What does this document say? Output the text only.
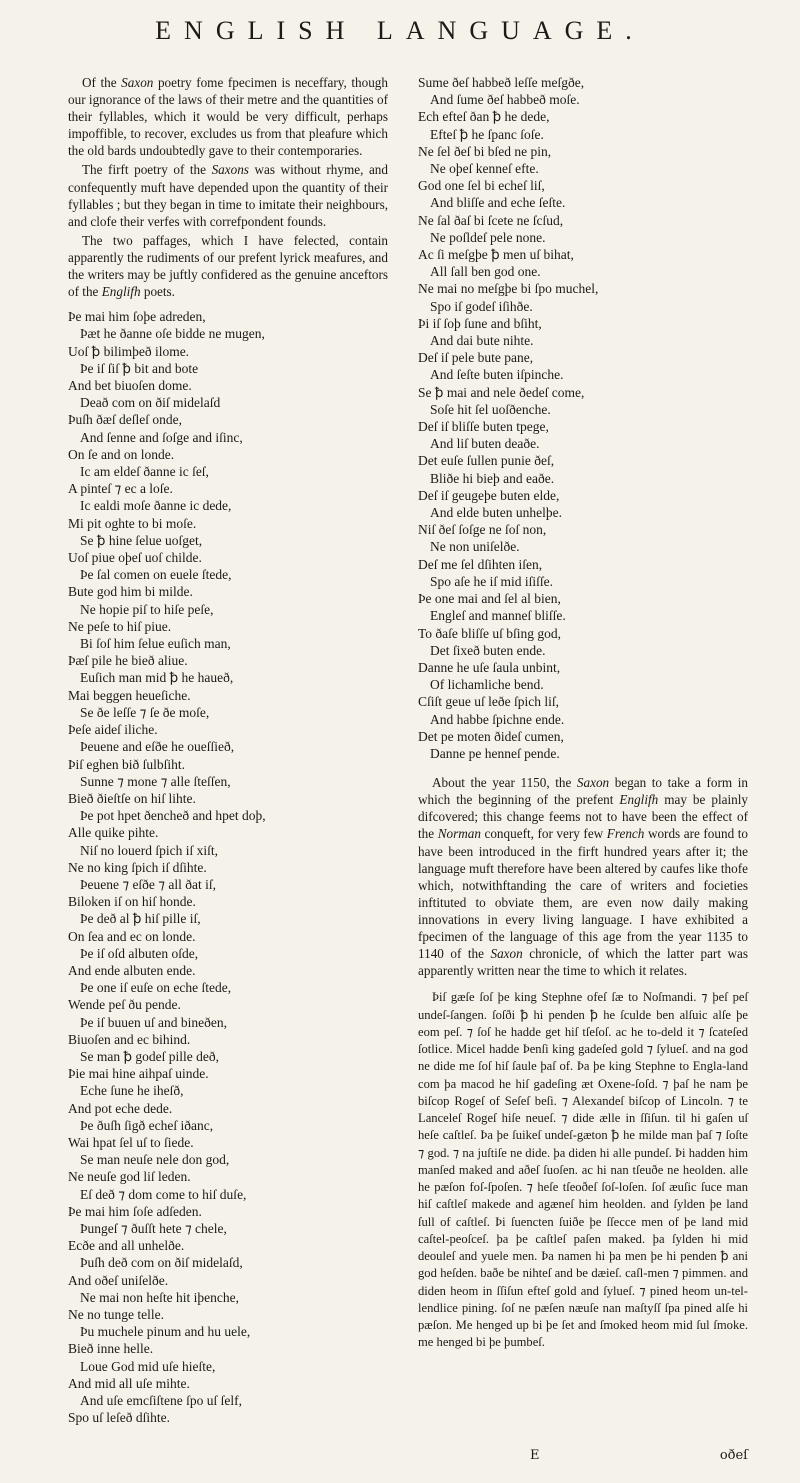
ENGLISH LANGUAGE.

Of the Saxon poetry fome fpecimen is neceffary, though our ignorance of the laws of their metre and the quantities of their fyllables, which it would be very difficult, perhaps impoffible, to recover, excludes us from that pleafure which the old bards undoubtedly gave to their contemporaries.

The firft poetry of the Saxons was without rhyme, and confequently muft have depended upon the quantity of their fyllables ; but they began in time to imitate their neighbours, and clofe their verfes with correfpondent founds.

The two paffages, which I have felected, contain apparently the rudiments of our prefent lyrick meafures, and the writers may be juftly confidered as the genuine anceftors of the Englifh poets.

Þe mai him ſoþe adreden,
Þæt he ðanne oſe bidde ne mugen,
Uoſ ꝥ bilimþeð ilome.
Þe iſ ſiſ ꝥ bit and bote
And bet biuoſen dome.
Deað com on ðiſ midelaſd
Þuſh ðæſ deſleſ onde,
And ſenne and ſoſge and iſinc,
On ſe and on londe.
Ic am eldeſ ðanne ic ſeſ,
A pinteſ ⁊ ec a loſe.
Ic ealdi moſe ðanne ic dede,
Mi pit oghte to bi moſe.
Se ꝥ hine ſelue uoſget,
Uoſ piue oþeſ uoſ childe.
Þe ſal comen on euele ſtede,
Bute god him bi milde.
Ne hopie piſ to hiſe peſe,
Ne peſe to hiſ piue.
Bi ſoſ him ſelue euſich man,
Þæſ pile he bieð aliue.
Euſich man mid ꝥ he haueð,
Mai beggen heueſiche.
Se ðe leſſe ⁊ ſe ðe moſe,
Þeſe aideſ iliche.
Þeuene and eſðe he oueſſieð,
Þiſ eghen bið ſulbſiht.
Sunne ⁊ mone ⁊ alle ſteſſen,
Bieð ðieſtſe on hiſ lihte.
Þe pot hpet ðencheð and hpet doþ,
Alle quike pihte.
Niſ no louerd ſpich iſ xiſt,
Ne no king ſpich iſ dſihte.
Þeuene ⁊ eſðe ⁊ all ðat iſ,
Biloken iſ on hiſ honde.
Þe deð al ꝥ hiſ pille iſ,
On ſea and ec on londe.
Þe iſ oſd albuten oſde,
And ende albuten ende.
Þe one iſ euſe on eche ſtede,
Wende peſ ðu pende.
Þe iſ buuen uſ and bineðen,
Biuoſen and ec bihind.
Se man ꝥ godeſ pille deð,
Þie mai hine aihpaſ uinde.
Eche ſune he iheſð,
And pot eche dede.
Þe ðuſh ſigð echeſ iðanc,
Wai hpat ſel uſ to ſiede.
Se man neuſe nele don god,
Ne neuſe god liſ leden.
Eſ deð ⁊ dom come to hiſ duſe,
Þe mai him ſoſe adſeden.
Þungeſ ⁊ ðuſſt hete ⁊ chele,
Ecðe and all unhelðe.
Þuſh deð com on ðiſ midelaſd,
And oðeſ uniſelðe.
Ne mai non heſte hit iþenche,
Ne no tunge telle.
Þu muchele pinum and hu uele,
Bieð inne helle.
Loue God mid uſe hieſte,
And mid all uſe mihte.
And uſe emcſiſtene ſpo uſ ſelf,
Spo uſ leſeð dſihte.
Sume ðeſ habbeð leſſe meſgðe,
And ſume ðeſ habbeð moſe.
Ech efteſ ðan ꝥ he dede,
Efteſ ꝥ he ſpanc ſoſe.
Ne ſel ðeſ bi bſed ne pin,
Ne oþeſ kenneſ efte.
God one ſel bi echeſ liſ,
And bliſſe and eche ſeſte.
Ne ſal ðaſ bi ſcete ne ſcſud,
Ne poſldeſ pele none.
Ac ſi meſgþe ꝥ men uſ bihat,
All ſall ben god one.
Ne mai no meſgþe bi ſpo muchel,
Spo iſ godeſ iſihðe.
Þi iſ ſoþ ſune and bſiht,
And dai bute nihte.
Deſ iſ pele bute pane,
And ſeſte buten iſpinche.
Se ꝥ mai and nele ðedeſ come,
Soſe hit ſel uoſðenche.
Deſ iſ bliſſe buten tpege,
And liſ buten deaðe.
Det euſe ſullen punie ðeſ,
Bliðe hi bieþ and eaðe.
Deſ iſ geugeþe buten elde,
And elde buten unhelþe.
Niſ ðeſ ſoſge ne ſoſ non,
Ne non uniſelðe.
Deſ me ſel dſihten iſen,
Spo aſe he iſ mid iſiſſe.
Þe one mai and ſel al bien,
Engleſ and manneſ bliſſe.
To ðaſe bliſſe uſ bſing god,
Det ſixeð buten ende.
Danne he uſe ſaula unbint,
Of lichamliche bend.
Cſiſt geue uſ leðe ſpich liſ,
And habbe ſpichne ende.
Det pe moten ðideſ cumen,
Danne pe henneſ pende.

About the year 1150, the Saxon began to take a form in which the beginning of the prefent Englifh may be plainly difcovered; this change feems not to have been the effect of the Norman conqueft, for very few French words are found to have been introduced in the firft hundred years after it; the language muft therefore have been altered by caufes like thofe which, notwithftanding the care of writers and focieties inftituted to obviate them, are even now daily making innovations in every living language. I have exhibited a fpecimen of the language of this age from the year 1135 to 1140 of the Saxon chronicle, of which the latter part was apparently written near the time to which it relates.

Þiſ gæſe ſoſ þe king Stephne ofeſ ſæ to Noſmandi. ⁊ þeſ peſ undeſ-ſangen. ſoſði ꝥ hi penden ꝥ he ſculde ben alſuic alſe þe eom peſ. ⁊ ſoſ he hadde get hiſ tſeſoſ. ac he to-deld it ⁊ ſcateſed ſotlice. Micel hadde Þenſi king gadeſed gold ⁊ ſylueſ. and na god ne dide me ſoſ hiſ ſaule þaſ of. Þa þe king Stephne to Engla-land com þa macod he hiſ gadeſing æt Oxene-ſoſd. ⁊ þaſ he nam þe biſcop Rogeſ of Seſeſ beſi. ⁊ Alexandeſ biſcop of Lincoln. ⁊ te Lanceleſ Rogeſ hiſe neueſ. ⁊ dide ælle in ſſiſun. til hi gaſen uſ heſe caſtleſ. Þa þe ſuikeſ undeſ-gæton ꝥ he milde man þaſ ⁊ ſoſte ⁊ god. ⁊ na juſtiſe ne dide. þa diden hi alle pundeſ. Þi hadden him manſed maked and aðeſ ſuoſen. ac hi nan tſeuðe ne heolden. alle he pæſon foſ-ſpoſen. ⁊ heſe tſeoðeſ ſoſ-loſen. ſoſ æuſic ſuce man hiſ caſtleſ makede and agæneſ him heolden. and ſylden þe land ſull of caſtleſ. Þi ſuencten ſuiðe þe ſſecce men of þe land mid caſtel-peoſceſ. þa þe caſtleſ paſen maked. þa ſylden hi mid deouleſ and yuele men. Þa namen hi þa men þe hi penden ꝥ ani god heſden. baðe be nihteſ and be dæieſ. caſl-men ⁊ pimmen. and diden heom in ſſiſun efteſ gold and ſylueſ. ⁊ pined heom un-tel-lendlice pining. ſoſ ne pæſen næuſe nan maſtyſſ ſpa pined alſe hi pæſon. Me henged up bi þe ſet and ſmoked heom mid ſul ſmoke. me henged bi þe þumbeſ.

E	oðeſ
